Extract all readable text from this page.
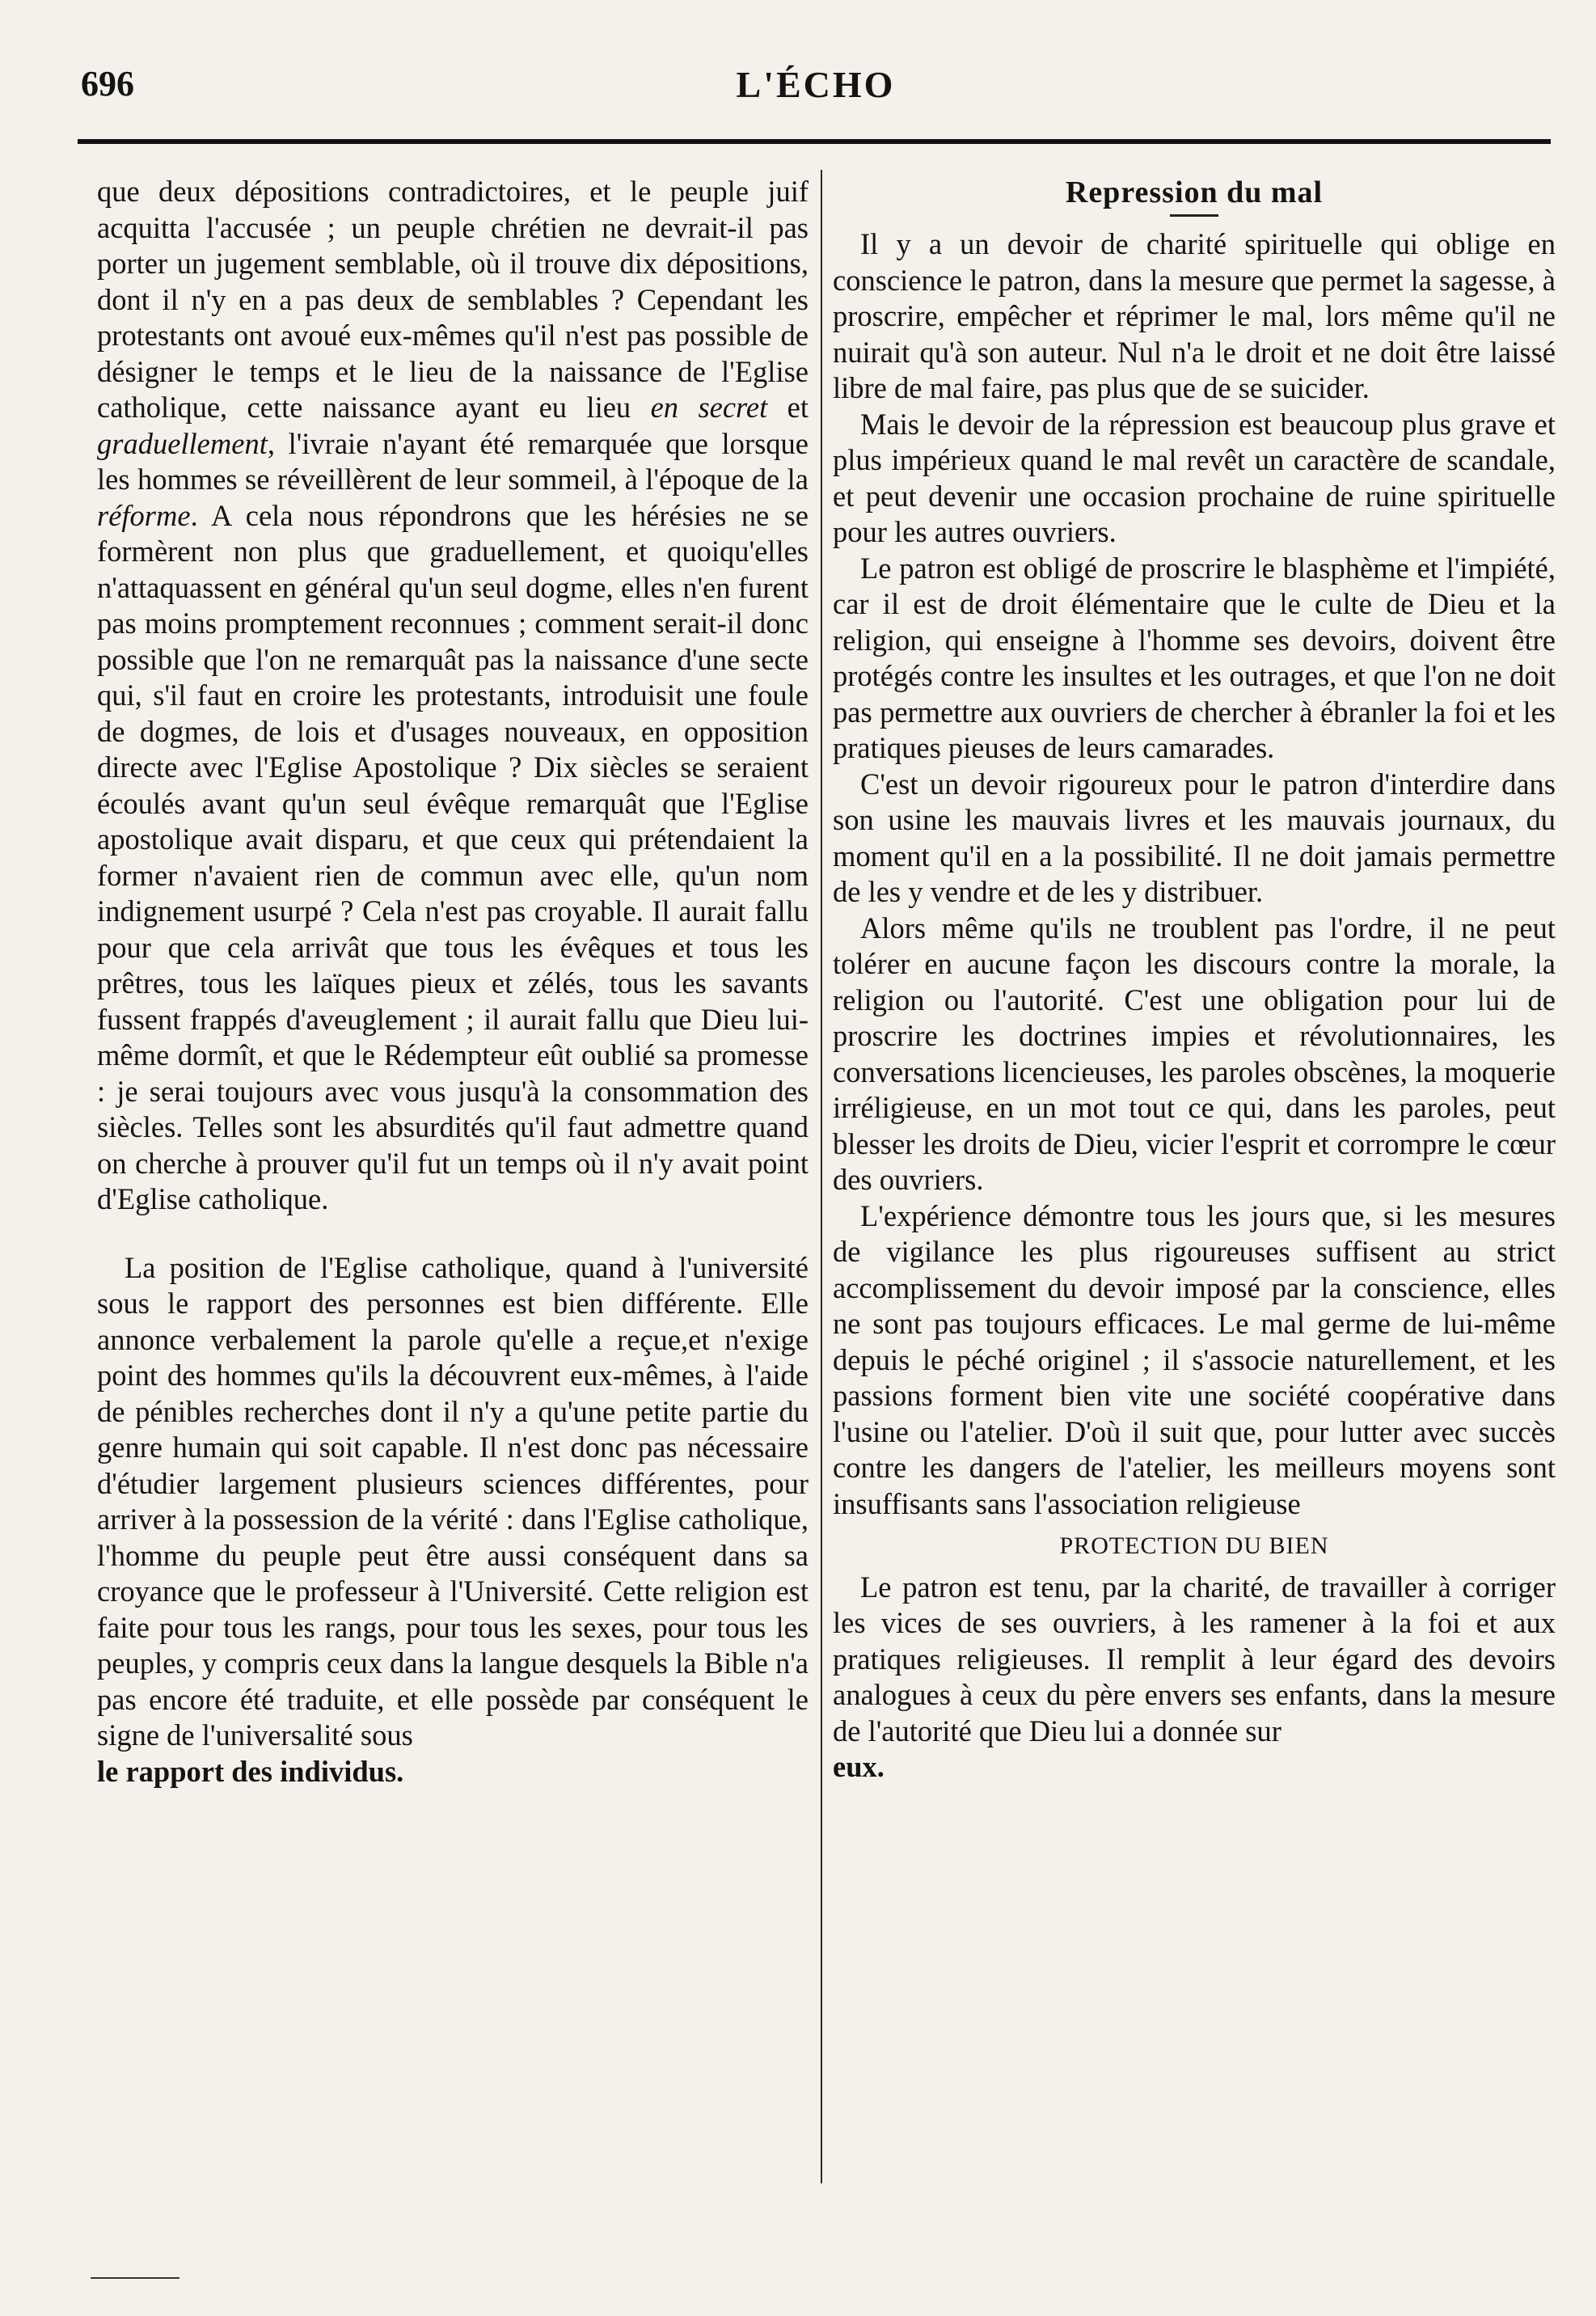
696	L'ÉCHO

que deux dépositions contradictoires, et le peuple juif acquitta l'accusée ; un peuple chrétien ne devrait-il pas porter un jugement semblable, où il trouve dix dépositions, dont il n'y en a pas deux de semblables ? Cependant les protestants ont avoué eux-mêmes qu'il n'est pas possible de désigner le temps et le lieu de la naissance de l'Eglise catholique, cette naissance ayant eu lieu en secret et graduellement, l'ivraie n'ayant été remarquée que lorsque les hommes se réveillèrent de leur sommeil, à l'époque de la réforme. A cela nous répondrons que les hérésies ne se formèrent non plus que graduellement, et quoiqu'elles n'attaquassent en général qu'un seul dogme, elles n'en furent pas moins promptement reconnues ; comment serait-il donc possible que l'on ne remarquât pas la naissance d'une secte qui, s'il faut en croire les protestants, introduisit une foule de dogmes, de lois et d'usages nouveaux, en opposition directe avec l'Eglise Apostolique ? Dix siècles se seraient écoulés avant qu'un seul évêque remarquât que l'Eglise apostolique avait disparu, et que ceux qui prétendaient la former n'avaient rien de commun avec elle, qu'un nom indignement usurpé ? Cela n'est pas croyable. Il aurait fallu pour que cela arrivât que tous les évêques et tous les prêtres, tous les laïques pieux et zélés, tous les savants fussent frappés d'aveuglement ; il aurait fallu que Dieu lui-même dormît, et que le Rédempteur eût oublié sa promesse : je serai toujours avec vous jusqu'à la consommation des siècles. Telles sont les absurdités qu'il faut admettre quand on cherche à prouver qu'il fut un temps où il n'y avait point d'Eglise catholique.

La position de l'Eglise catholique, quand à l'université sous le rapport des personnes est bien différente. Elle annonce verbalement la parole qu'elle a reçue,et n'exige point des hommes qu'ils la découvrent eux-mêmes, à l'aide de pénibles recherches dont il n'y a qu'une petite partie du genre humain qui soit capable. Il n'est donc pas nécessaire d'étudier largement plusieurs sciences différentes, pour arriver à la possession de la vérité : dans l'Eglise catholique, l'homme du peuple peut être aussi conséquent dans sa croyance que le professeur à l'Université. Cette religion est faite pour tous les rangs, pour tous les sexes, pour tous les peuples, y compris ceux dans la langue desquels la Bible n'a pas encore été traduite, et elle possède par conséquent le signe de l'universalité sous

le rapport des individus.

Repression du mal

Il y a un devoir de charité spirituelle qui oblige en conscience le patron, dans la mesure que permet la sagesse, à proscrire, empêcher et réprimer le mal, lors même qu'il ne nuirait qu'à son auteur. Nul n'a le droit et ne doit être laissé libre de mal faire, pas plus que de se suicider.

Mais le devoir de la répression est beaucoup plus grave et plus impérieux quand le mal revêt un caractère de scandale, et peut devenir une occasion prochaine de ruine spirituelle pour les autres ouvriers.

Le patron est obligé de proscrire le blasphème et l'impiété, car il est de droit élémentaire que le culte de Dieu et la religion, qui enseigne à l'homme ses devoirs, doivent être protégés contre les insultes et les outrages, et que l'on ne doit pas permettre aux ouvriers de chercher à ébranler la foi et les pratiques pieuses de leurs camarades.

C'est un devoir rigoureux pour le patron d'interdire dans son usine les mauvais livres et les mauvais journaux, du moment qu'il en a la possibilité. Il ne doit jamais permettre de les y vendre et de les y distribuer.

Alors même qu'ils ne troublent pas l'ordre, il ne peut tolérer en aucune façon les discours contre la morale, la religion ou l'autorité. C'est une obligation pour lui de proscrire les doctrines impies et révolutionnaires, les conversations licencieuses, les paroles obscènes, la moquerie irréligieuse, en un mot tout ce qui, dans les paroles, peut blesser les droits de Dieu, vicier l'esprit et corrompre le cœur des ouvriers.

L'expérience démontre tous les jours que, si les mesures de vigilance les plus rigoureuses suffisent au strict accomplissement du devoir imposé par la conscience, elles ne sont pas toujours efficaces. Le mal germe de lui-même depuis le péché originel ; il s'associe naturellement, et les passions forment bien vite une société coopérative dans l'usine ou l'atelier. D'où il suit que, pour lutter avec succès contre les dangers de l'atelier, les meilleurs moyens sont insuffisants sans l'association religieuse

PROTECTION DU BIEN

Le patron est tenu, par la charité, de travailler à corriger les vices de ses ouvriers, à les ramener à la foi et aux pratiques religieuses. Il remplit à leur égard des devoirs analogues à ceux du père envers ses enfants, dans la mesure de l'autorité que Dieu lui a donnée sur

eux.
